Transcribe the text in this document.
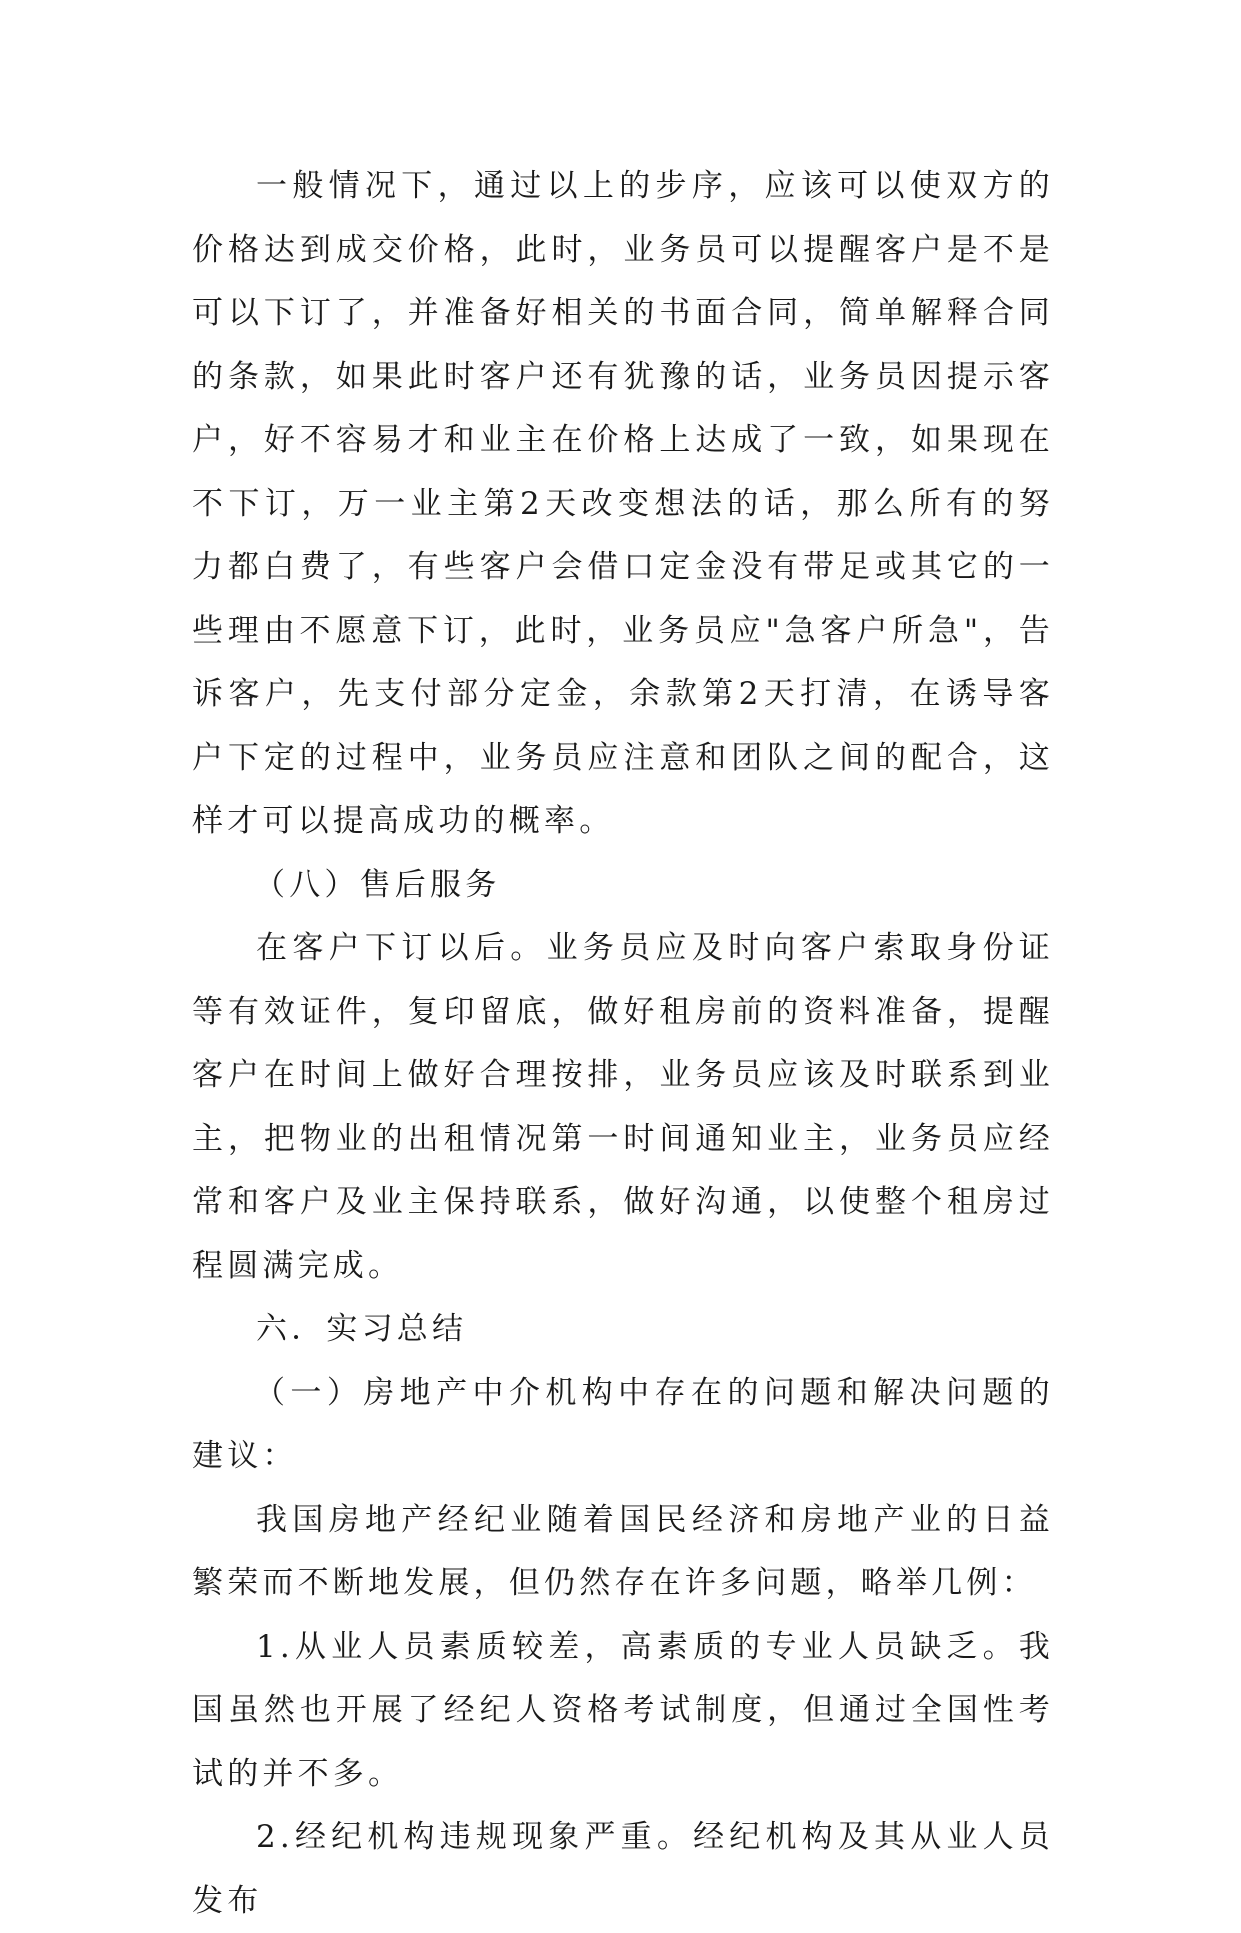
一般情况下，通过以上的步序，应该可以使双方的价格达到成交价格，此时，业务员可以提醒客户是不是可以下订了，并准备好相关的书面合同，简单解释合同的条款，如果此时客户还有犹豫的话，业务员因提示客户，好不容易才和业主在价格上达成了一致，如果现在不下订，万一业主第2天改变想法的话，那么所有的努力都白费了，有些客户会借口定金没有带足或其它的一些理由不愿意下订，此时，业务员应"急客户所急"，告诉客户，先支付部分定金，余款第2天打清，在诱导客户下定的过程中，业务员应注意和团队之间的配合，这样才可以提高成功的概率。

（八）售后服务

在客户下订以后。业务员应及时向客户索取身份证等有效证件，复印留底，做好租房前的资料准备，提醒客户在时间上做好合理按排，业务员应该及时联系到业主，把物业的出租情况第一时间通知业主，业务员应经常和客户及业主保持联系，做好沟通，以使整个租房过程圆满完成。

六．实习总结

（一）房地产中介机构中存在的问题和解决问题的建议：

我国房地产经纪业随着国民经济和房地产业的日益繁荣而不断地发展，但仍然存在许多问题，略举几例：

1.从业人员素质较差，高素质的专业人员缺乏。我国虽然也开展了经纪人资格考试制度，但通过全国性考试的并不多。

2.经纪机构违规现象严重。经纪机构及其从业人员发布
